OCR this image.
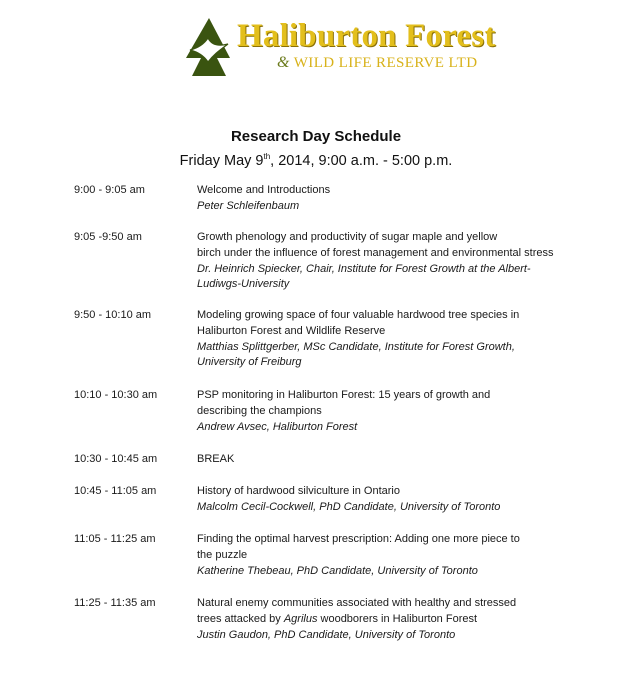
Haliburton Forest
& WILD LIFE RESERVE LTD
Research Day Schedule
Friday May 9th, 2014, 9:00 a.m. - 5:00 p.m.
9:00 - 9:05 am	Welcome and Introductions
Peter Schleifenbaum
9:05 -9:50 am	Growth phenology and productivity of sugar maple and yellow
birch under the influence of forest management and environmental stress
Dr. Heinrich Spiecker, Chair, Institute for Forest Growth at the Albert-
Ludiwgs-University
9:50 - 10:10 am	Modeling growing space of four valuable hardwood tree species in
Haliburton Forest and Wildlife Reserve
Matthias Splittgerber, MSc Candidate, Institute for Forest Growth,
University of Freiburg
10:10 - 10:30 am	PSP monitoring in Haliburton Forest: 15 years of growth and
describing the champions
Andrew Avsec, Haliburton Forest
10:30 - 10:45 am	BREAK
10:45 - 11:05 am	History of hardwood silviculture in Ontario
Malcolm Cecil-Cockwell, PhD Candidate, University of Toronto
11:05 - 11:25 am	Finding the optimal harvest prescription: Adding one more piece to
the puzzle
Katherine Thebeau, PhD Candidate, University of Toronto
11:25 - 11:35 am	Natural enemy communities associated with healthy and stressed
trees attacked by Agrilus woodborers in Haliburton Forest
Justin Gaudon, PhD Candidate, University of Toronto
